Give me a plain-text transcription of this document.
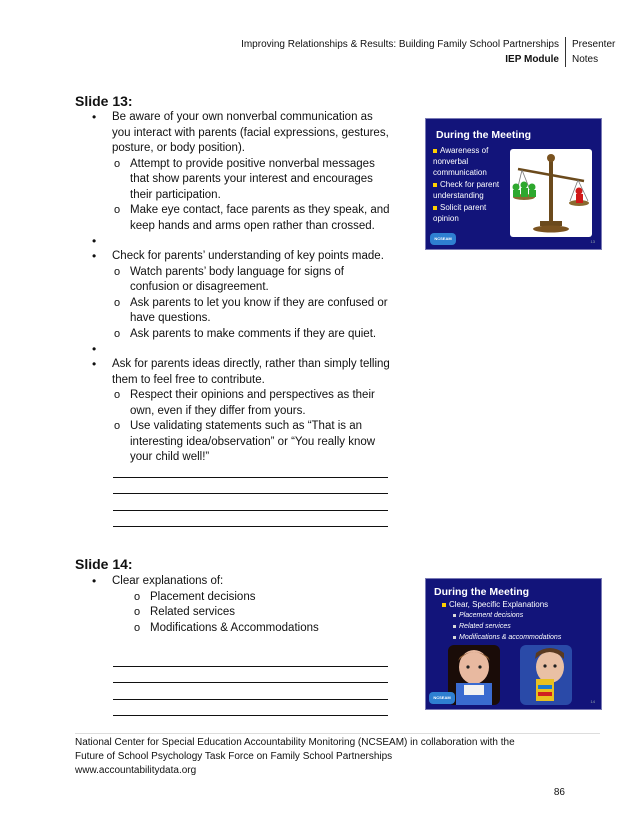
Improving Relationships & Results: Building Family School Partnerships
IEP Module
Presenter
Notes
Slide 13:
• Be aware of your own nonverbal communication as you interact with parents (facial expressions, gestures, posture, or body position).
o Attempt to provide positive nonverbal messages that show parents your interest and encourages their participation.
o Make eye contact, face parents as they speak, and keep hands and arms open rather than crossed.
•
• Check for parents’ understanding of key points made.
o Watch parents’ body language for signs of confusion or disagreement.
o Ask parents to let you know if they are confused or have questions.
o Ask parents to make comments if they are quiet.
•
• Ask for parents ideas directly, rather than simply telling them to feel free to contribute.
o Respect their opinions and perspectives as their own, even if they differ from yours.
o Use validating statements such as “That is an interesting idea/observation” or “You really know your child well!”
During the Meeting
Awareness of nonverbal communication
Check for parent understanding
Solicit parent opinion
NCSEAM
13
Slide 14:
• Clear explanations of:
o Placement decisions
o Related services
o Modifications & Accommodations
During the Meeting
Clear, Specific Explanations
Placement decisions
Related services
Modifications & accommodations
NCSEAM
14
National Center for Special Education Accountability Monitoring (NCSEAM) in collaboration with the
Future of School Psychology Task Force on Family School Partnerships
www.accountabilitydata.org
86
